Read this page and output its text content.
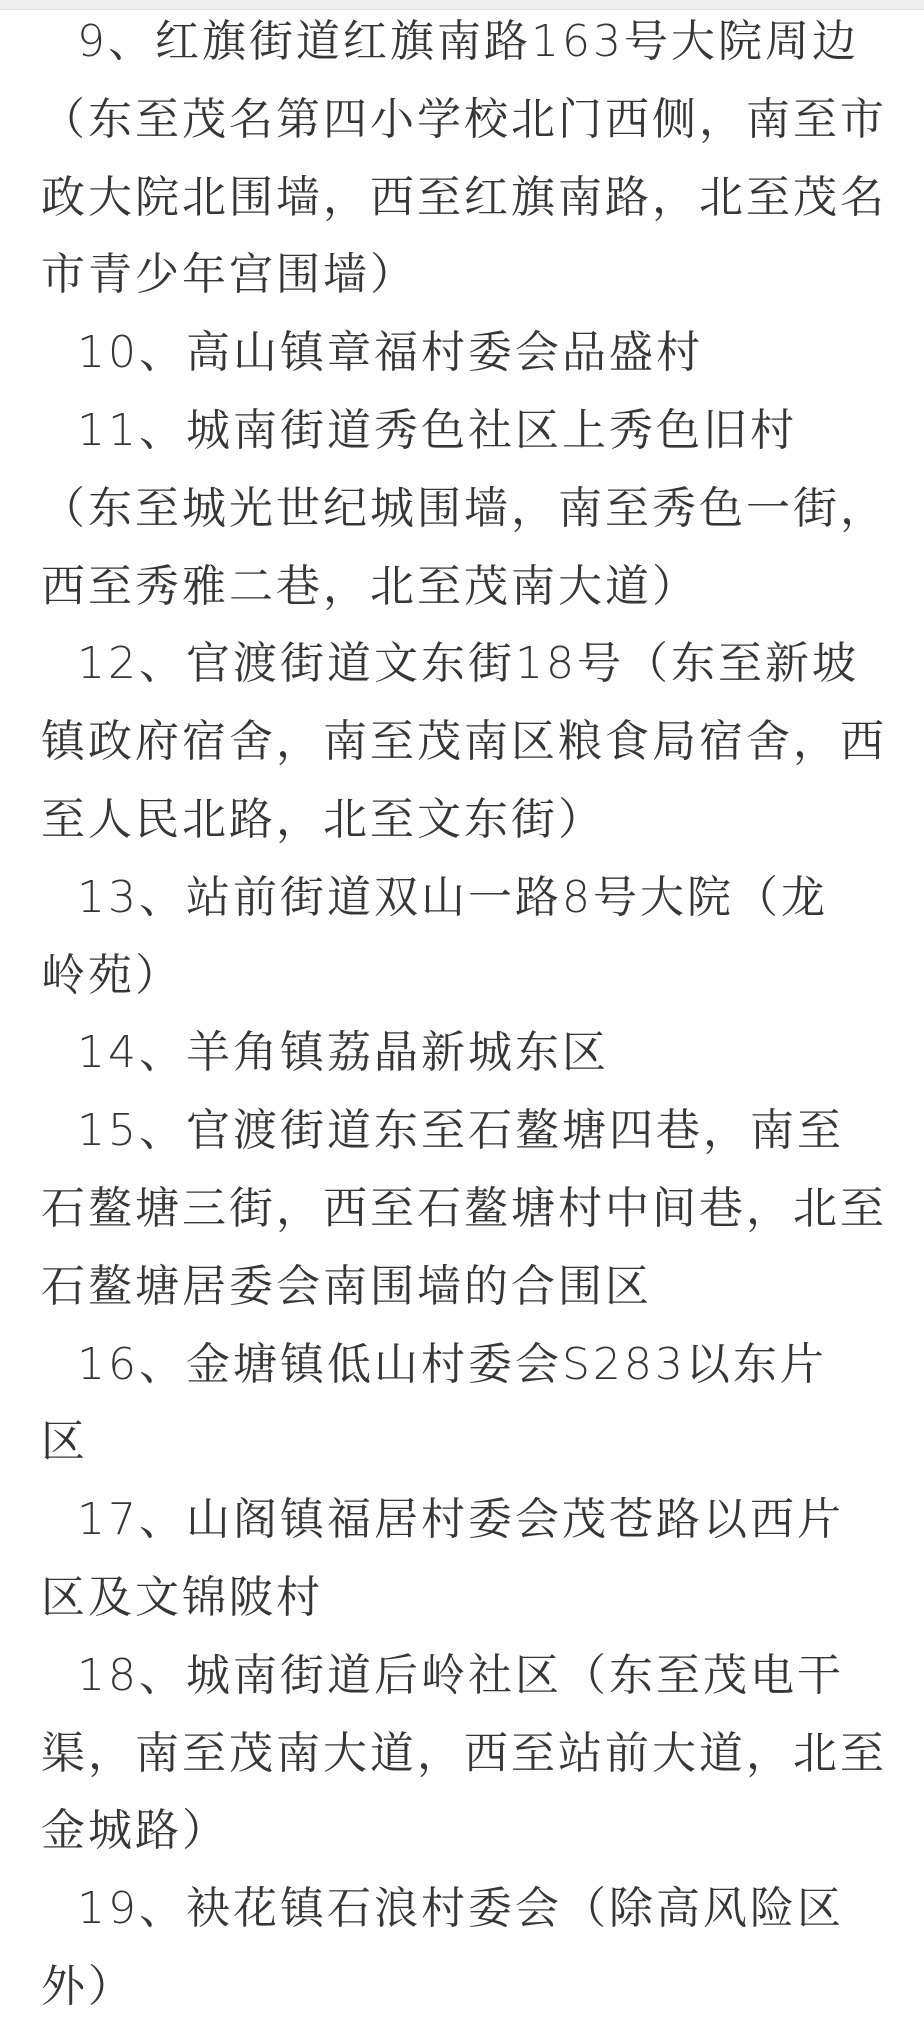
9、红旗街道红旗南路163号大院周边
（东至茂名第四小学校北门西侧，南至市
政大院北围墙，西至红旗南路，北至茂名
市青少年宫围墙）

10、高山镇章福村委会品盛村

11、城南街道秀色社区上秀色旧村
（东至城光世纪城围墙，南至秀色一街，
西至秀雅二巷，北至茂南大道）

12、官渡街道文东街18号（东至新坡
镇政府宿舍，南至茂南区粮食局宿舍，西
至人民北路，北至文东街）

13、站前街道双山一路8号大院（龙
岭苑）

14、羊角镇荔晶新城东区

15、官渡街道东至石鳌塘四巷，南至
石鳌塘三街，西至石鳌塘村中间巷，北至
石鳌塘居委会南围墙的合围区

16、金塘镇低山村委会S283以东片
区

17、山阁镇福居村委会茂苍路以西片
区及文锦陂村

18、城南街道后岭社区（东至茂电干
渠，南至茂南大道，西至站前大道，北至
金城路）

19、袂花镇石浪村委会（除高风险区
外）
